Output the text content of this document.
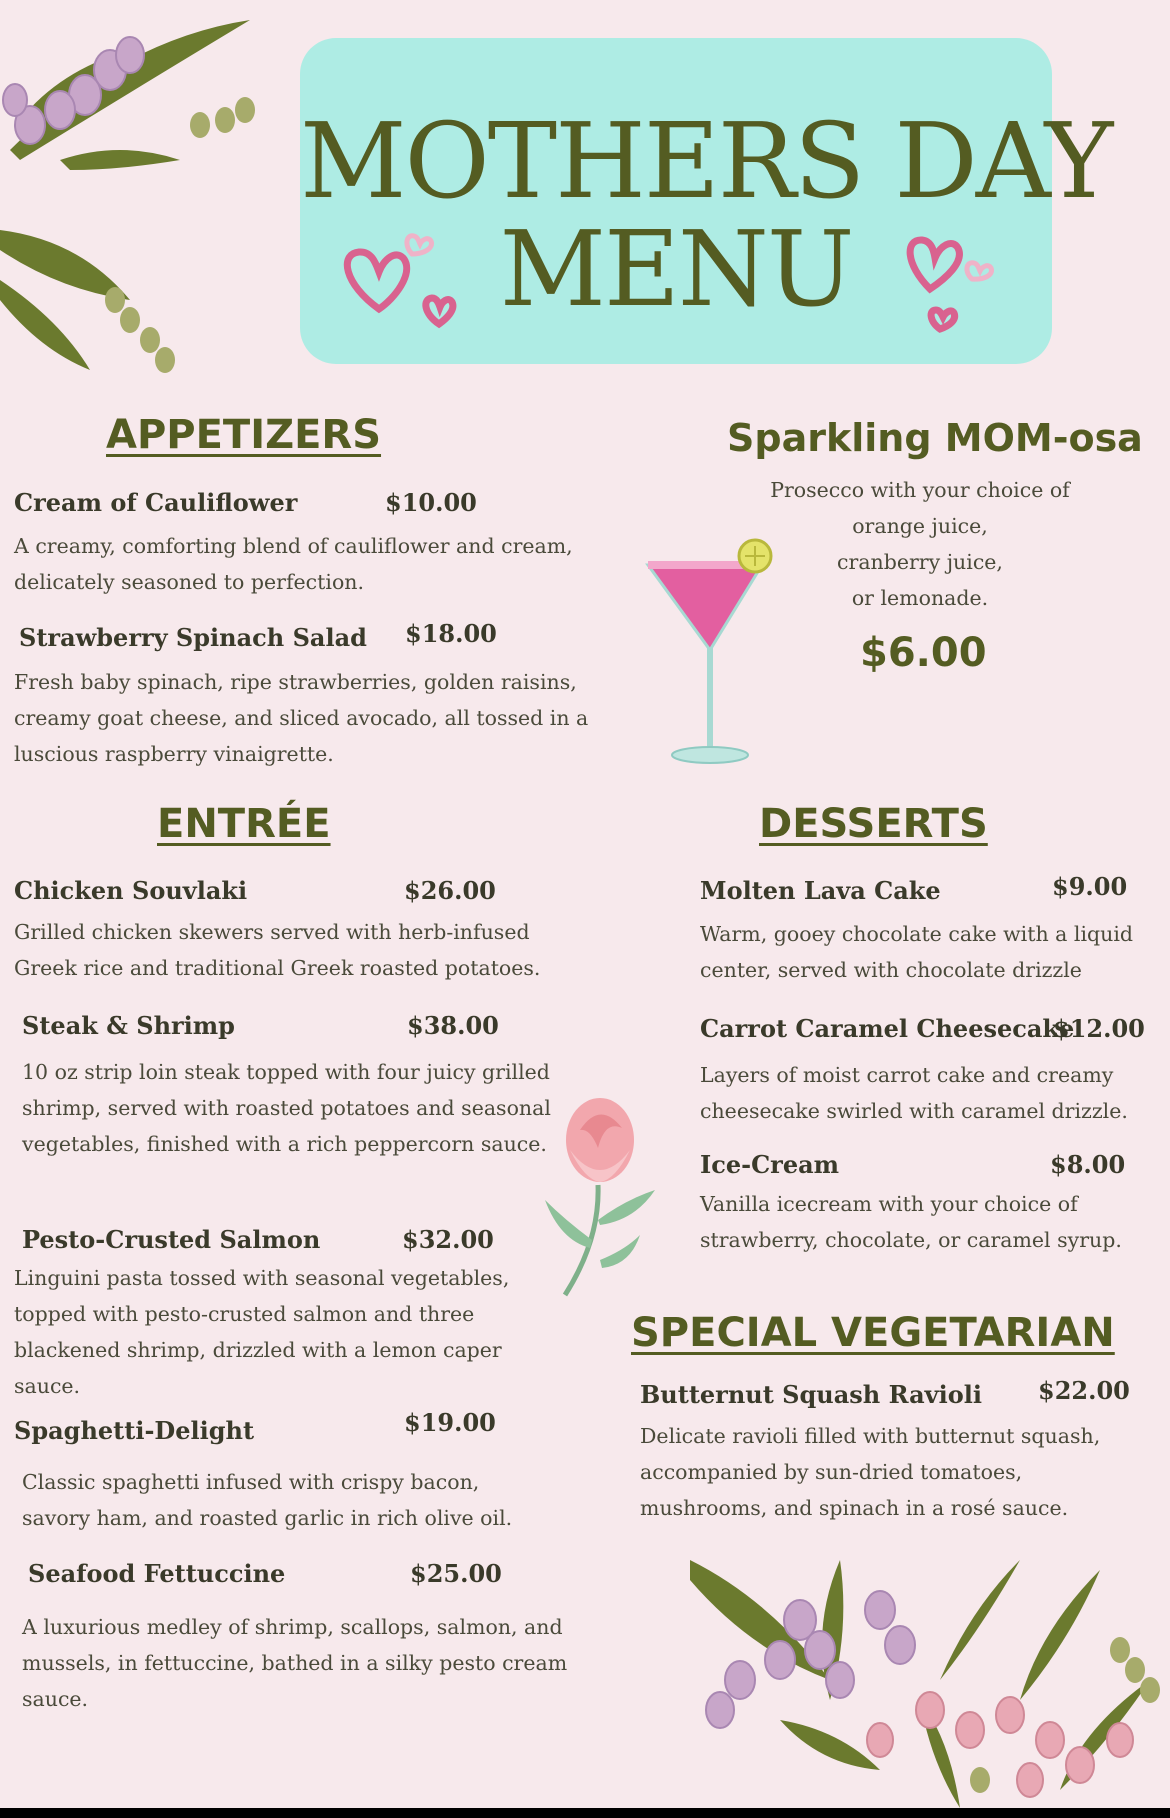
MOTHERS DAY
MENU
APPETIZERS
Cream of Cauliflower	$10.00
A creamy, comforting blend of cauliflower and cream, delicately seasoned to perfection.
Strawberry Spinach Salad $18.00
Fresh baby spinach, ripe strawberries, golden raisins, creamy goat cheese, and sliced avocado, all tossed in a luscious raspberry vinaigrette.
Sparkling MOM-osa
Prosecco with your choice of
orange juice,
cranberry juice,
or lemonade.
$6.00
ENTRÉE
Chicken Souvlaki	$26.00
Grilled chicken skewers served with herb-infused Greek rice and traditional Greek roasted potatoes.
Steak & Shrimp	$38.00
10 oz strip loin steak topped with four juicy grilled shrimp, served with roasted potatoes and seasonal vegetables, finished with a rich peppercorn sauce.
Pesto-Crusted Salmon	$32.00
Linguini pasta tossed with seasonal vegetables, topped with pesto-crusted salmon and three blackened shrimp, drizzled with a lemon caper sauce.
Spaghetti-Delight	$19.00
Classic spaghetti infused with crispy bacon, savory ham, and roasted garlic in rich olive oil.
Seafood Fettuccine	$25.00
A luxurious medley of shrimp, scallops, salmon, and mussels, in fettuccine, bathed in a silky pesto cream sauce.
DESSERTS
Molten Lava Cake	$9.00
Warm, gooey chocolate cake with a liquid center, served with chocolate drizzle
Carrot Caramel Cheesecake
$12.00
Layers of moist carrot cake and creamy cheesecake swirled with caramel drizzle.
Ice-Cream	$8.00
Vanilla icecream with your choice of strawberry, chocolate, or caramel syrup.
SPECIAL VEGETARIAN
Butternut Squash Ravioli $22.00
Delicate ravioli filled with butternut squash, accompanied by sun-dried tomatoes, mushrooms, and spinach in a rosé sauce.
